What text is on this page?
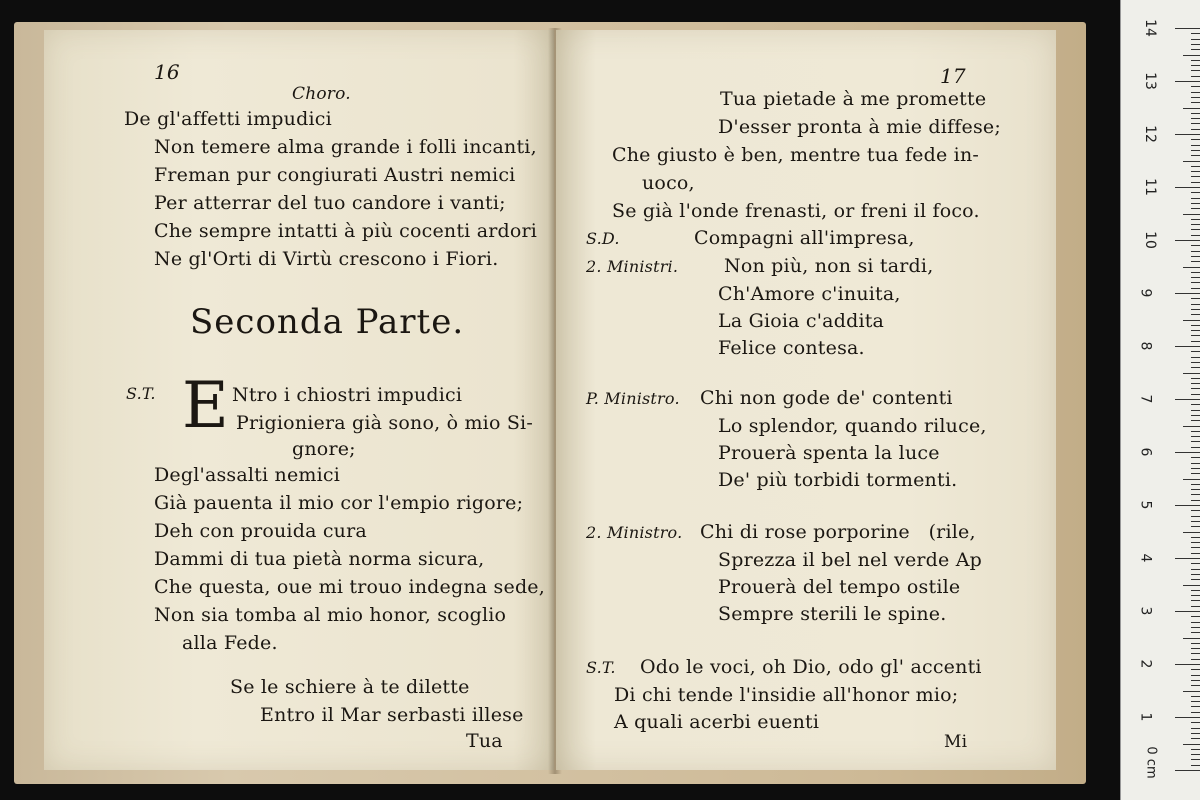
16
Choro.
De gl'affetti impudici
Non temere alma grande i folli incanti,
Freman pur congiurati Austri nemici
Per atterrar del tuo candore i vanti;
Che sempre intatti à più cocenti ardori
Ne gl'Orti di Virtù crescono i Fiori.
Seconda Parte.
S.T. E Ntro i chiostri impudici
Prigioniera già sono, ò mio Si-
gnore;
Degl'assalti nemici
Già pauenta il mio cor l'empio rigore;
Deh con prouida cura
Dammi di tua pietà norma sicura,
Che questa, oue mi trouo indegna sede,
Non sia tomba al mio honor, scoglio
alla Fede.
Se le schiere à te dilette
Entro il Mar serbasti illese
Tua
17
Tua pietade à me promette
D'esser pronta à mie diffese;
Che giusto è ben, mentre tua fede in-
uoco,
Se già l'onde frenasti, or freni il foco.
S.D.	Compagni all'impresa,
2. Ministri. Non più, non si tardi,
Ch'Amore c'inuita,
La Gioia c'addita
Felice contesa.
P. Ministro. Chi non gode de' contenti
Lo splendor, quando riluce,
Prouerà spenta la luce
De' più torbidi tormenti.
2. Ministro. Chi di rose porporine   (rile,
Sprezza il bel nel verde Ap
Prouerà del tempo ostile
Sempre sterili le spine.
S.T. Odo le voci, oh Dio, odo gl' accenti
Di chi tende l'insidie all'honor mio;
A quali acerbi euenti
Mi
0 cm
1
2
3
4
5
6
7
8
9
10
11
12
13
14
